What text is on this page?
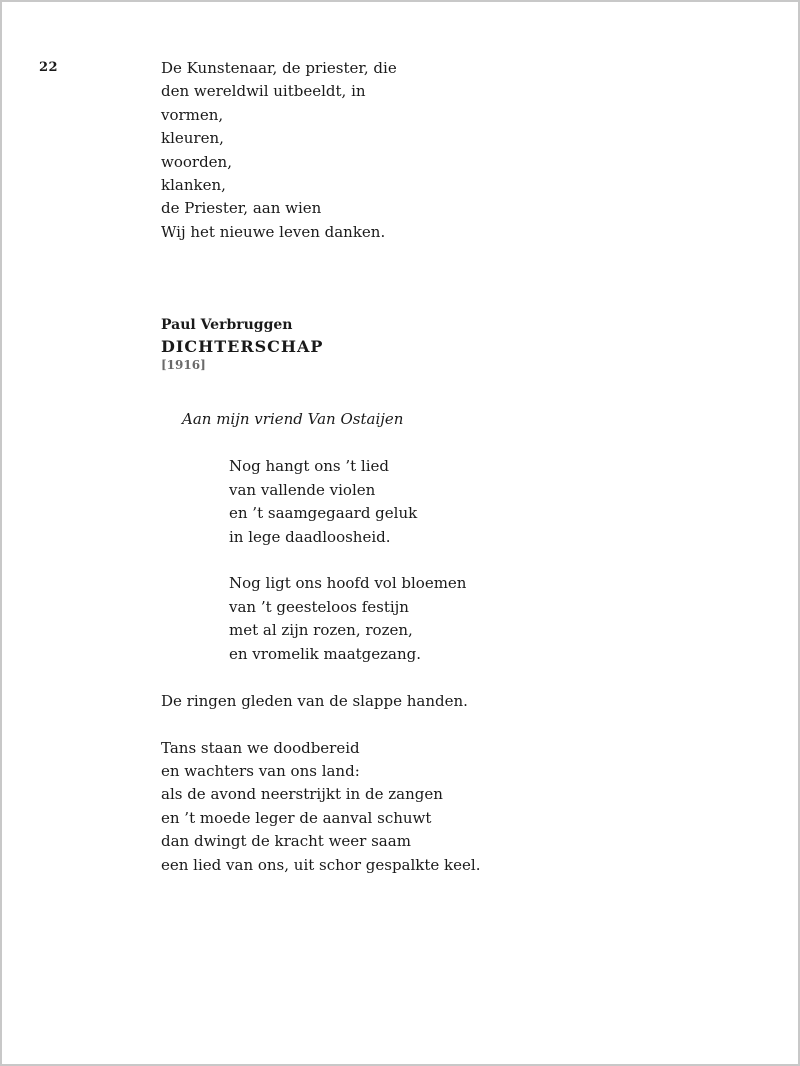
22	De Kunstenaar, de priester, die
den wereldwil uitbeeldt, in
vormen,
kleuren,
woorden,
klanken,
de Priester, aan wien
Wij het nieuwe leven danken.
Paul Verbruggen
DICHTERSCHAP
[1916]
Aan mijn vriend Van Ostaijen
Nog hangt ons ’t lied
van vallende violen
en ’t saamgegaard geluk
in lege daadloosheid.
Nog ligt ons hoofd vol bloemen
van ’t geesteloos festijn
met al zijn rozen, rozen,
en vromelik maatgezang.
De ringen gleden van de slappe handen.
Tans staan we doodbereid
en wachters van ons land:
als de avond neerstrijkt in de zangen
en ’t moede leger de aanval schuwt
dan dwingt de kracht weer saam
een lied van ons, uit schor gespalkte keel.
